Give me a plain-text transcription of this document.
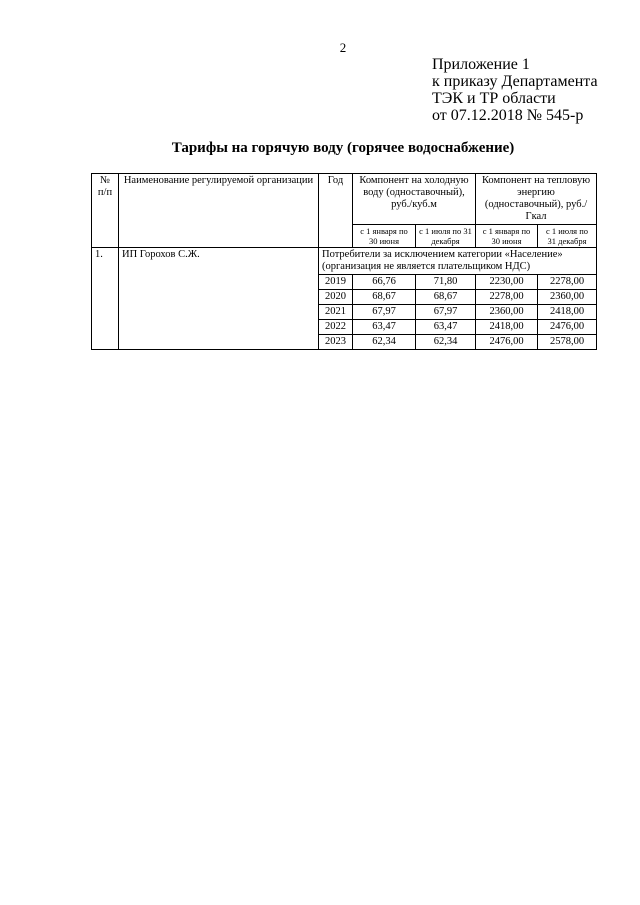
2
Приложение 1
к приказу Департамента
ТЭК и ТР области
от 07.12.2018 № 545-р
Тарифы на горячую воду (горячее водоснабжение)
№ п/п	Наименование регулируемой организации	Год	Компонент на холодную воду (одноставочный), руб./куб.м		Компонент на тепловую энергию (одноставочный), руб./Гкал	
			с 1 января по 30 июня	с 1 июля по 31 декабря	с 1 января по 30 июня	с 1 июля по 31 декабря
1.	ИП Горохов С.Ж.	Потребители за исключением категории «Население» (организация не является плательщиком НДС)				
		2019	66,76	71,80	2230,00	2278,00
		2020	68,67	68,67	2278,00	2360,00
		2021	67,97	67,97	2360,00	2418,00
		2022	63,47	63,47	2418,00	2476,00
		2023	62,34	62,34	2476,00	2578,00
